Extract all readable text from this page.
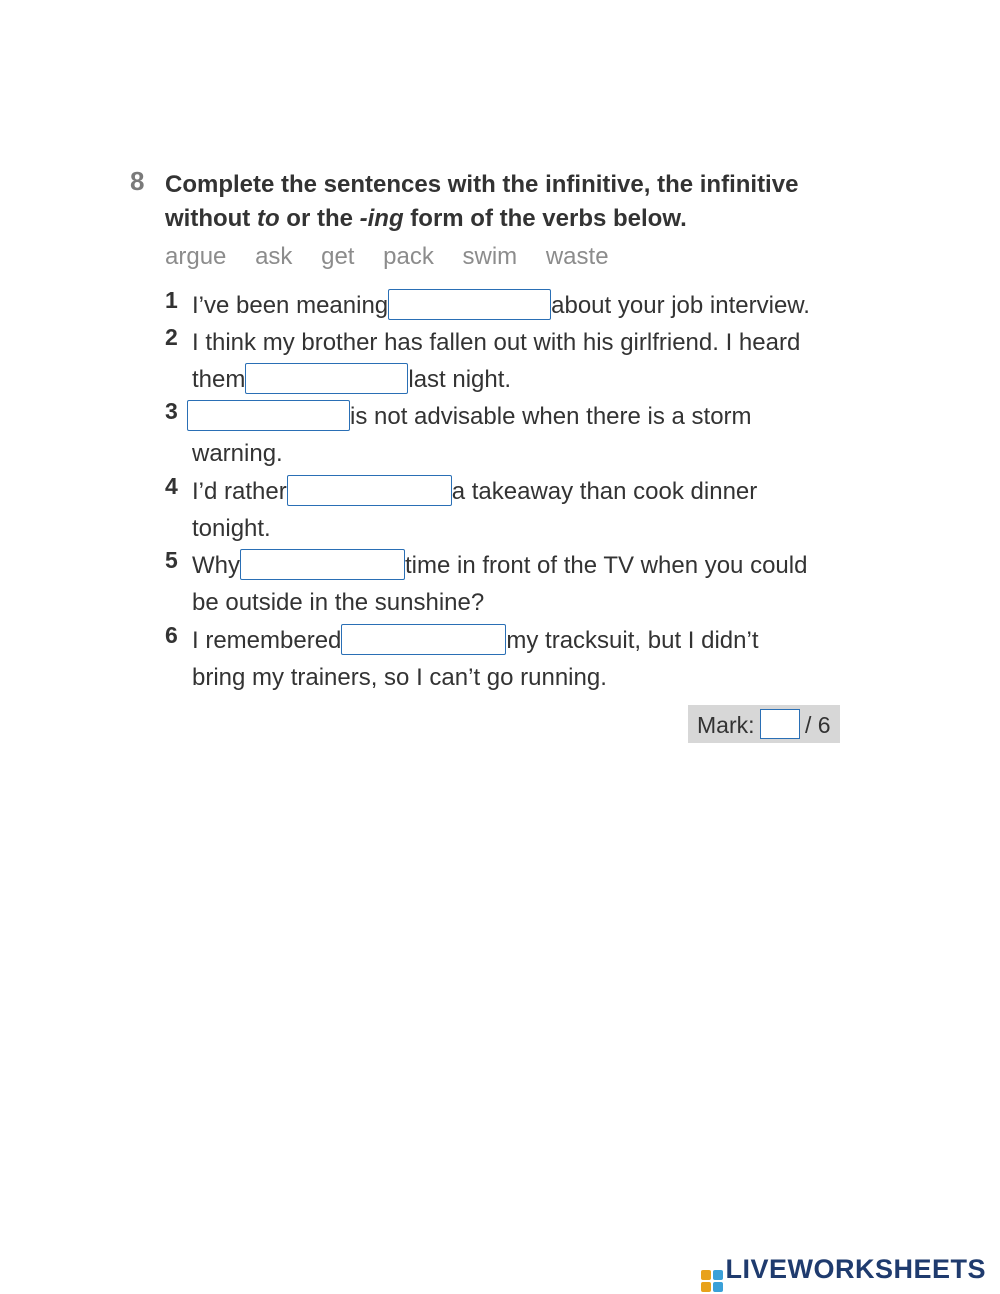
8 Complete the sentences with the infinitive, the infinitive
without to or the -ing form of the verbs below.
argue ask get pack swim waste
1 I’ve been meaning	about your job interview.
2 I think my brother has fallen out with his girlfriend. I heard
them	last night.
3	is not advisable when there is a storm
warning.
4 I’d rather	a takeaway than cook dinner
tonight.
5 Why	time in front of the TV when you could
be outside in the sunshine?
6 I remembered	my tracksuit, but I didn’t
bring my trainers, so I can’t go running.
Mark: / 6
LIVEWORKSHEETS
